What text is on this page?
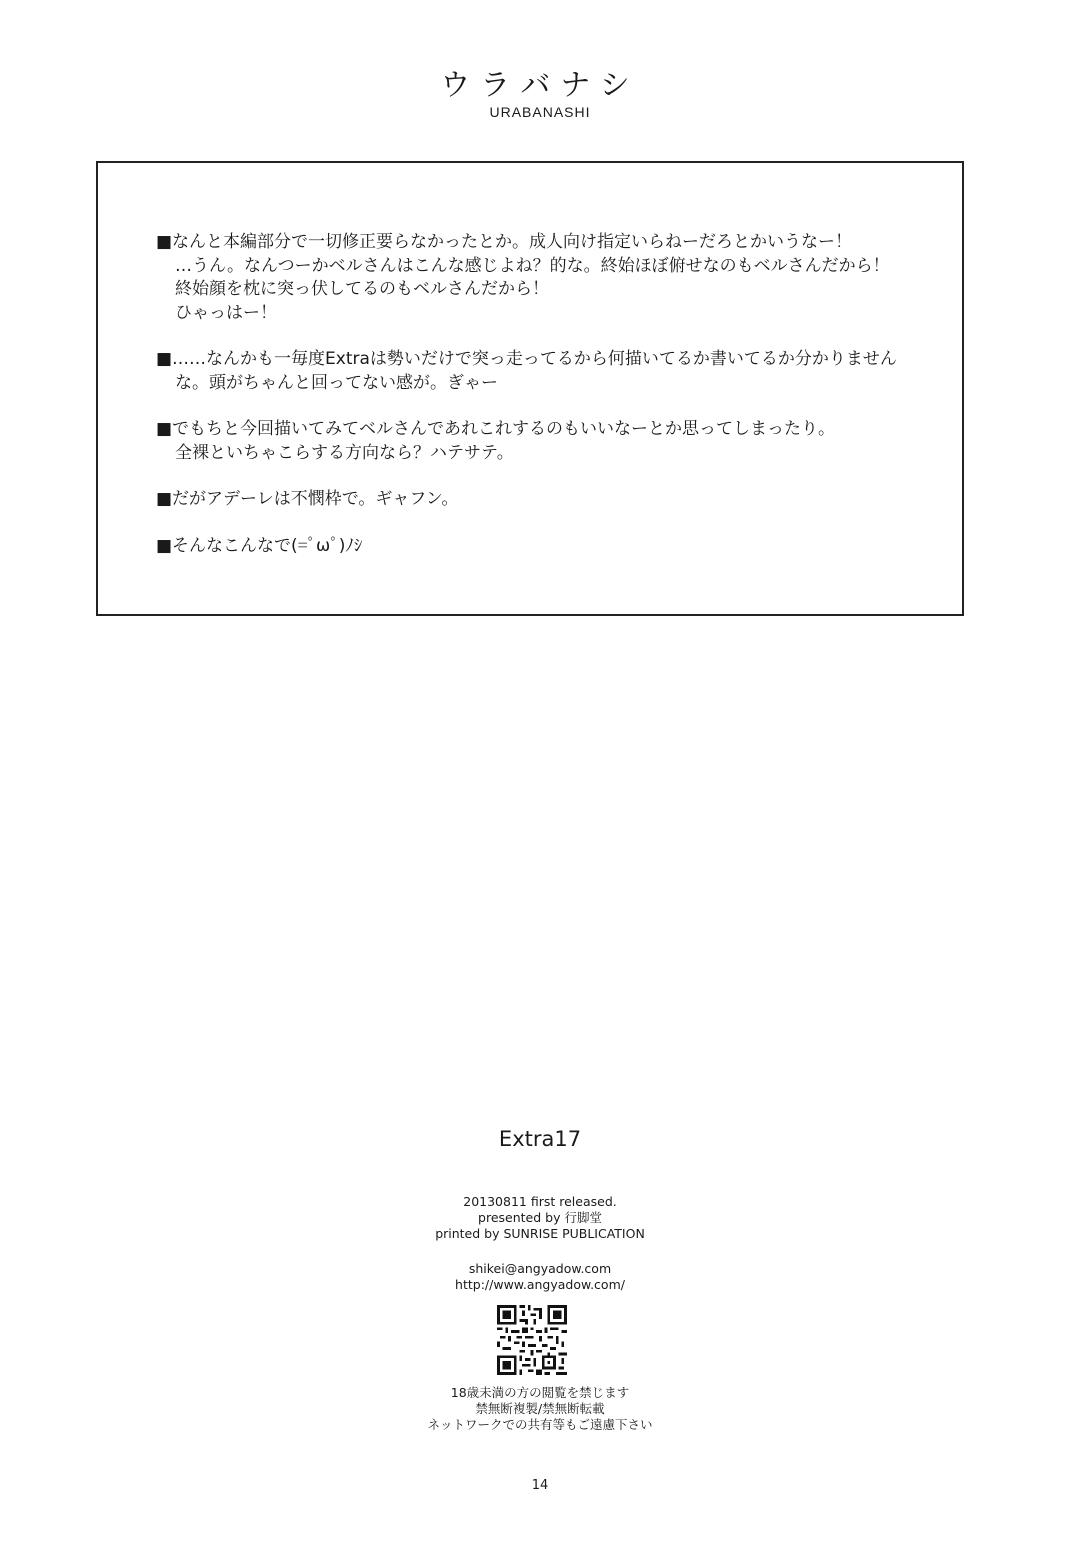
ウラバナシ
URABANASHI
■なんと本編部分で一切修正要らなかったとか。成人向け指定いらねーだろとかいうなー！
…うん。なんつーかベルさんはこんな感じよね？的な。終始ほぼ俯せなのもベルさんだから！
終始顔を枕に突っ伏してるのもベルさんだから！
ひゃっはー！
■……なんかも一毎度Extraは勢いだけで突っ走ってるから何描いてるか書いてるか分かりません
な。頭がちゃんと回ってない感が。ぎゃー
■でもちと今回描いてみてベルさんであれこれするのもいいなーとか思ってしまったり。
全裸といちゃこらする方向なら？ハテサテ。
■だがアデーレは不憫枠で。ギャフン。
■そんなこんなで(=ﾟωﾟ)ﾉｼ
Extra17
20130811 first released.
presented by 行脚堂
printed by SUNRISE PUBLICATION
shikei@angyadow.com
http://www.angyadow.com/
18歳未満の方の閲覧を禁じます
禁無断複製/禁無断転載
ネットワークでの共有等もご遠慮下さい
14
